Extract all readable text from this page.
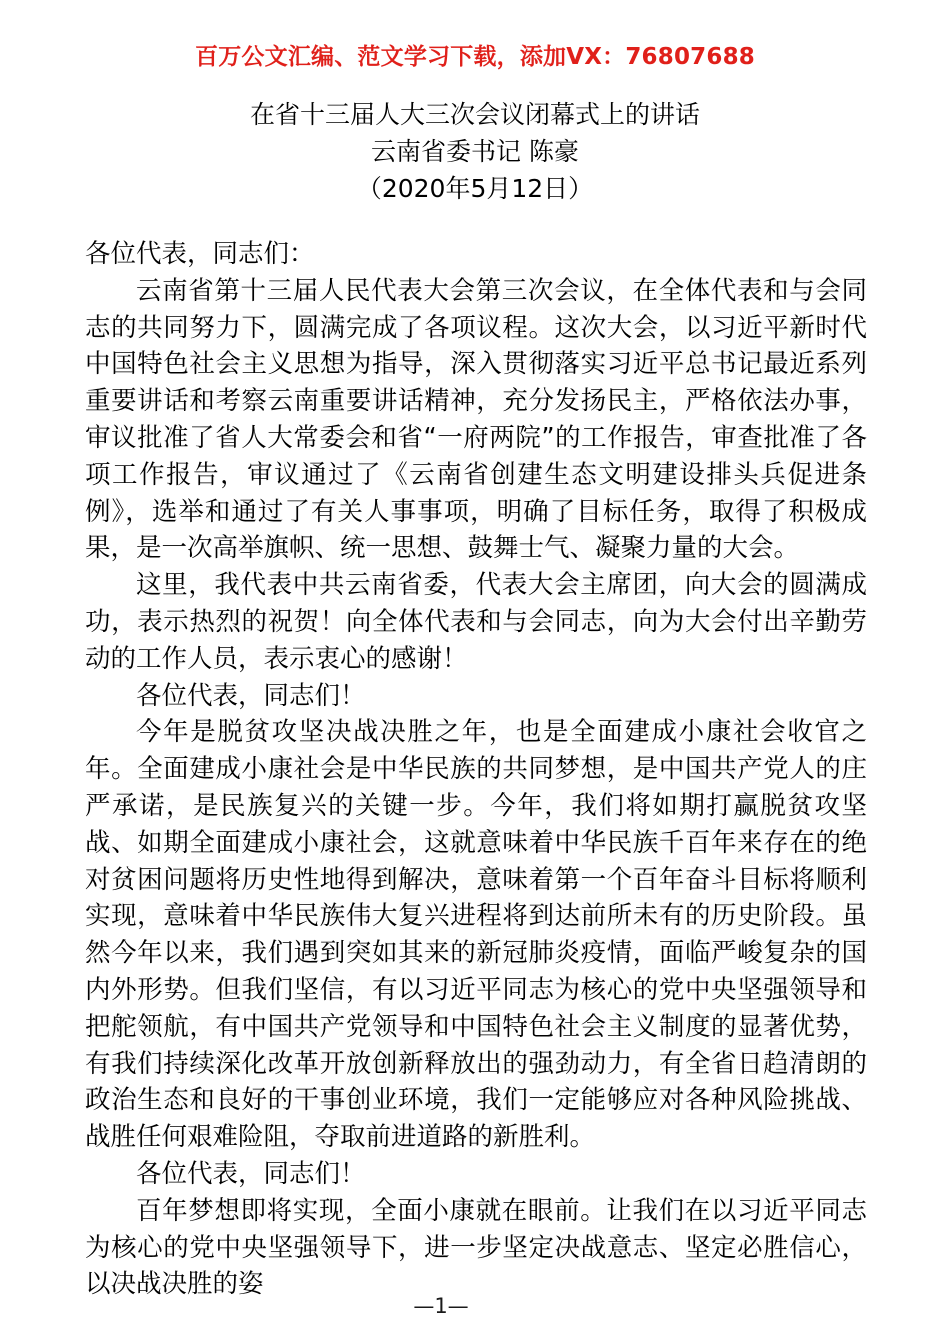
百万公文汇编、范文学习下载，添加VX：76807688
在省十三届人大三次会议闭幕式上的讲话
云南省委书记 陈豪
（2020年5月12日）

各位代表，同志们：

云南省第十三届人民代表大会第三次会议，在全体代表和与会同志的共同努力下，圆满完成了各项议程。这次大会，以习近平新时代中国特色社会主义思想为指导，深入贯彻落实习近平总书记最近系列重要讲话和考察云南重要讲话精神，充分发扬民主，严格依法办事，审议批准了省人大常委会和省“一府两院”的工作报告，审查批准了各项工作报告，审议通过了《云南省创建生态文明建设排头兵促进条例》，选举和通过了有关人事事项，明确了目标任务，取得了积极成果，是一次高举旗帜、统一思想、鼓舞士气、凝聚力量的大会。

这里，我代表中共云南省委，代表大会主席团，向大会的圆满成功，表示热烈的祝贺！向全体代表和与会同志，向为大会付出辛勤劳动的工作人员，表示衷心的感谢！

各位代表，同志们！

今年是脱贫攻坚决战决胜之年，也是全面建成小康社会收官之年。全面建成小康社会是中华民族的共同梦想，是中国共产党人的庄严承诺，是民族复兴的关键一步。今年，我们将如期打赢脱贫攻坚战、如期全面建成小康社会，这就意味着中华民族千百年来存在的绝对贫困问题将历史性地得到解决，意味着第一个百年奋斗目标将顺利实现，意味着中华民族伟大复兴进程将到达前所未有的历史阶段。虽然今年以来，我们遇到突如其来的新冠肺炎疫情，面临严峻复杂的国内外形势。但我们坚信，有以习近平同志为核心的党中央坚强领导和把舵领航，有中国共产党领导和中国特色社会主义制度的显著优势，有我们持续深化改革开放创新释放出的强劲动力，有全省日趋清朗的政治生态和良好的干事创业环境，我们一定能够应对各种风险挑战、战胜任何艰难险阻，夺取前进道路的新胜利。

各位代表，同志们！

百年梦想即将实现，全面小康就在眼前。让我们在以习近平同志为核心的党中央坚强领导下，进一步坚定决战意志、坚定必胜信心，以决战决胜的姿

—1—
